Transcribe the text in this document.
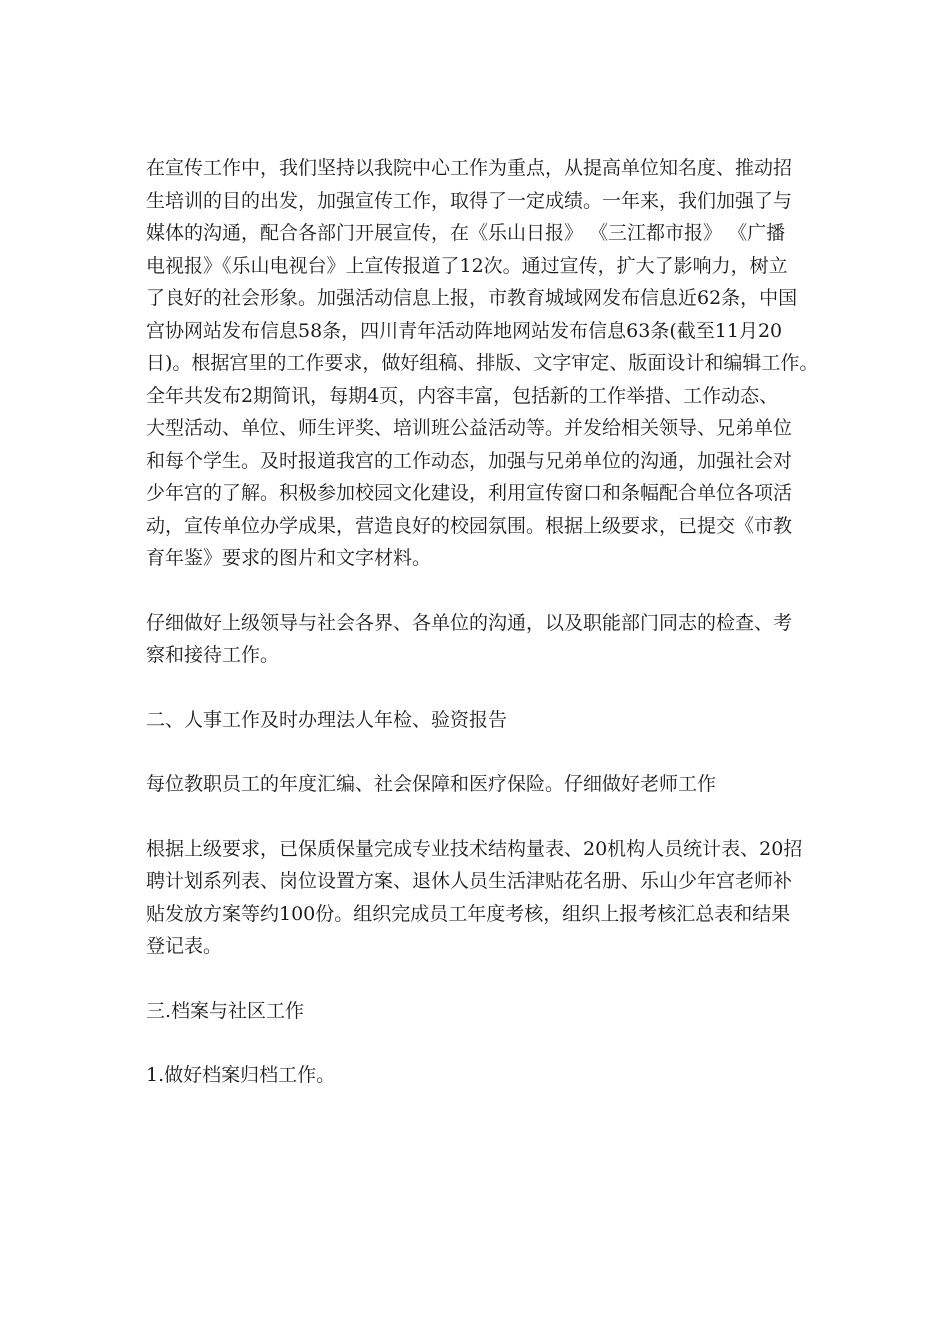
在宣传工作中，我们坚持以我院中心工作为重点，从提高单位知名度、推动招
生培训的目的出发，加强宣传工作，取得了一定成绩。一年来，我们加强了与
媒体的沟通，配合各部门开展宣传，在《乐山日报》 《三江都市报》 《广播
电视报》《乐山电视台》上宣传报道了12次。通过宣传，扩大了影响力，树立
了良好的社会形象。加强活动信息上报，市教育城域网发布信息近62条，中国
宫协网站发布信息58条，四川青年活动阵地网站发布信息63条(截至11月20
日)。根据宫里的工作要求，做好组稿、排版、文字审定、版面设计和编辑工作。
全年共发布2期简讯，每期4页，内容丰富，包括新的工作举措、工作动态、
大型活动、单位、师生评奖、培训班公益活动等。并发给相关领导、兄弟单位
和每个学生。及时报道我宫的工作动态，加强与兄弟单位的沟通，加强社会对
少年宫的了解。积极参加校园文化建设，利用宣传窗口和条幅配合单位各项活
动，宣传单位办学成果，营造良好的校园氛围。根据上级要求，已提交《市教
育年鉴》要求的图片和文字材料。
仔细做好上级领导与社会各界、各单位的沟通，以及职能部门同志的检查、考
察和接待工作。
二、人事工作及时办理法人年检、验资报告
每位教职员工的年度汇编、社会保障和医疗保险。仔细做好老师工作
根据上级要求，已保质保量完成专业技术结构量表、20机构人员统计表、20招
聘计划系列表、岗位设置方案、退休人员生活津贴花名册、乐山少年宫老师补
贴发放方案等约100份。组织完成员工年度考核，组织上报考核汇总表和结果
登记表。
三.档案与社区工作
1.做好档案归档工作。
